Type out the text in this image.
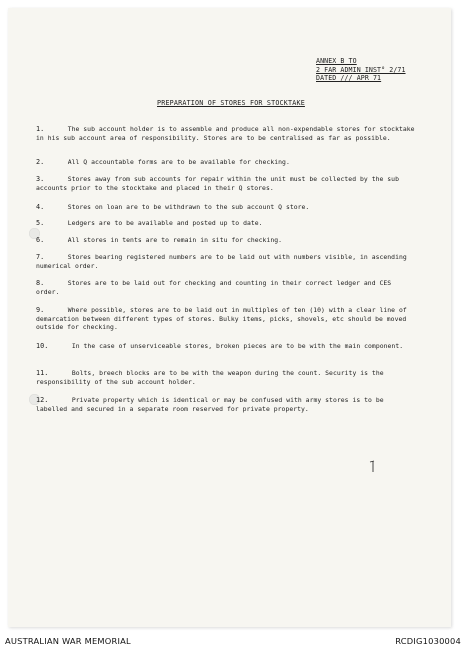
ANNEX B TO
2 FAR ADMIN INST° 2/71
DATED /// APR 71
PREPARATION OF STORES FOR STOCKTAKE
1.	The sub account holder is to assemble and produce all non-expendable stores for stocktake in his sub account area of responsibility. Stores are to be centralised as far as possible.
2.	All Q accountable forms are to be available for checking.
3.	Stores away from sub accounts for repair within the unit must be collected by the sub accounts prior to the stocktake and placed in their Q stores.
4.	Stores on loan are to be withdrawn to the sub account Q store.
5.	Ledgers are to be available and posted up to date.
6.	All stores in tents are to remain in situ for checking.
7.	Stores bearing registered numbers are to be laid out with numbers visible, in ascending numerical order.
8.	Stores are to be laid out for checking and counting in their correct ledger and CES order.
9.	Where possible, stores are to be laid out in multiples of ten (10) with a clear line of demarcation between different types of stores. Bulky items, picks, shovels, etc should be moved outside for checking.
10.	In the case of unserviceable stores, broken pieces are to be with the main component.
11.	Bolts, breech blocks are to be with the weapon during the count. Security is the responsibility of the sub account holder.
12.	Private property which is identical or may be confused with army stores is to be labelled and secured in a separate room reserved for private property.
AUSTRALIAN WAR MEMORIAL	RCDIG1030004
